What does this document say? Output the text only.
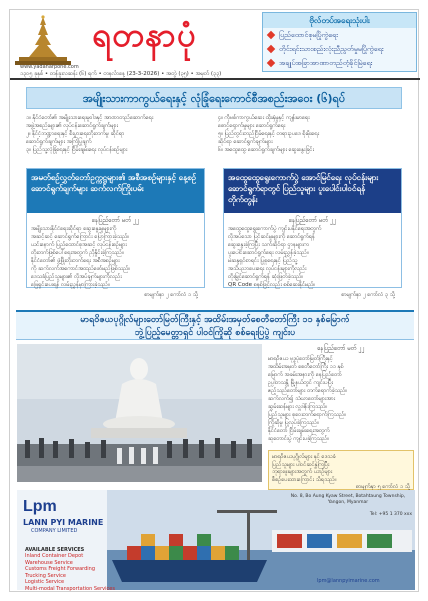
ရတနာပုံ
www.yadanarpone.com
ဗိုလ်တပ်အရေးသုံးပါး
ပြည်ထောင်စုမပြိုကွဲရေး
တိုင်းရင်းသားစည်းလုံးညီညွတ်မှုမပြိုကွဲရေး
အချုပ်အခြာအာဏာတည်တံ့ခိုင်မြဲရေး
၁၃၀၅ ခုနှစ် • တန်ခူးလဆန်း (၆) ရက် • တနင်္လာနေ့ (23-3-2026) • အတွဲ (၃၅) • အမှတ် (၃၃)
အမျိုးသားကာကွယ်ရေးနှင့် လုံခြုံရေးကောင်စီအစည်းအဝေး (၆)ရပ်

၁။ နိုင်ငံတော်၏ အမျိုးသားရေးမူဝါဒနှင့် အာဏာတည်ဆောက်ရေး

အဖွဲ့အစည်းများ၏ လုပ်ငန်းဆောင်ရွက်ချက်များ

၂။ နိုင်ငံ့ဘဏ္ဍာရေးနှင့် စီးပွားရေးတိုးတက်မှု ဆိုင်ရာ

ဆောင်ရွက်ချက်များ အကြံပြုချက်

၃။ ပြည်သူ့လုံခြုံရေးနှင့် ငြိမ်းချမ်းရေး လုပ်ငန်းစဉ်များ

၄။ ကိုဗစ်ကာကွယ်ဆေး ထိုးနှံမှုနှင့် ကျန်းမာရေး

စောင့်ရှောက်မှုများ ဆောင်ရွက်ရေး

၅။ ပြည်တွင်းတည်ငြိမ်ရေးနှင့် တရားဥပဒေ စိုးမိုးရေး

ဆိုင်ရာ ဆောင်ရွက်ချက်များ

၆။ အထွေထွေ ဆောင်ရွက်ချက်များ ဆွေးနွေးခြင်း

အမတ်စဉ်လွှတ်တော်ဥက္ကဋ္ဌများ၏ အစီအစဉ်များနှင့် နေ့စဉ်ဆောင်ရွက်ချက်များ ဆက်လက်ကြိုးပမ်း
နေပြည်တော် မတ် ၂၂
အမျိုးသားနိုင်ငံရေးဆိုင်ရာ ဆွေးနွေးမှုများကို
အဆင့်ဆင့် ဆောင်ရွက်ကြောင်း ပြောကြားခဲ့သည်။
ယင်းနောက် ပြည်ထောင်စုအဆင့် လုပ်ငန်းစဉ်များ
တိုးတက်ဖြစ်ပေါ်ရေးအတွက် ညှိနှိုင်းခဲ့ကြသည်။
နိုင်ငံတော်၏ ဖွံ့ဖြိုးတိုးတက်ရေး အစီအစဉ်များ
ကို ဆက်လက်အကောင်အထည်ဖော်မည်ဖြစ်သည်။
ဒေသခံပြည်သူများ၏ လိုအပ်ချက်များကိုလည်း
ဖြေရှင်းပေးရန် လမ်းညွှန်မှာကြားခဲ့သည်။
စာမျက်နှာ ၂ ကော်လံ ၁ သို့
အထွေထွေရွေးကောက်ပွဲ အောင်မြင်ရေး လုပ်ငန်းများ ဆောင်ရွက်ရာတွင် ပြည်သူများ ပူးပေါင်းပါဝင်ရန် တိုက်တွန်း
နေပြည်တော် မတ် ၂၂
အထွေထွေရွေးကောက်ပွဲ ကျင်းပနိုင်ရေးအတွက်
လိုအပ်သော ပြင်ဆင်မှုများကို ဆောင်ရွက်ရန်
ဆွေးနွေးခဲ့ကြပြီး သက်ဆိုင်ရာ ဌာနများက
ပူးပေါင်းဆောင်ရွက်ရေး လမ်းညွှန်ခဲ့သည်။
မဲဆန္ဒရှင်စာရင်း ပြုစုရေးနှင့် ပြည်သူ့
အသိပညာပေးရေး လုပ်ငန်းများကိုလည်း
တိုးမြှင့်ဆောင်ရွက်ရန် ဆုံးဖြတ်ခဲ့သည်။
QR Code စနစ်ဖြင့်လည်း စစ်ဆေးနိုင်မည်။
စာမျက်နှာ ၂ ကော်လံ ၃ သို့
မာရဝိဇယပုဂ္ဂိုလ်များတော်မြတ်ကြီးနှင့် အထိမ်းအမှတ်စေတီတော်ကြီး ၁၁ နှစ်မြောက်
ဘွဲ့ပြည့်မေတ္တာရှင် ပါဝင်ကြိုဆို စစ်ရေးပြပွဲ ကျင်းပ
နေပြည်တော် မတ် ၂၂
မာရဝိဇယ ဗုဒ္ဓပုံတော်မြတ်ကြီးနှင့်
အထိမ်းအမှတ် စေတီတော်ကြီး ၁၁ နှစ်
မြောက် အခမ်းအနားကို နေပြည်တော်
ဥပ္ပါတသန္တိ မြို့နယ်တွင် ကျင်းပပြီး
ဧည့်သည်တော်များ တက်ရောက်ခဲ့သည်။
ဆက်လက်၍ သံဃာတော်များအား
ဆွမ်းဆန်များ လှူဒါန်းကြသည်။
ပြည်သူများ စုဝေးတက်ရောက်ကြသည်။
ကြိုဆိုမှု ပြုလုပ်ခဲ့ကြသည်။
နိုင်ငံတော် ငြိမ်းချမ်းရေးအတွက်
ဆုတောင်းပွဲ ကျင်းပခဲ့ကြသည်။
မာရဝိဇယပုဂ္ဂိုလ်များ နှင့် ဒေသခံ
ပြည်သူများ ပါဝင်ဆင်နွှဲကြပြီး
ဘုရားဖူးများအတွက် ယာဉ်များ
စီစဉ်ပေးထားကြောင်း သိရသည်။
စာမျက်နှာ ၅ ကော်လံ ၁ သို့
Lpm
LANN PYI MARINE
COMPANY LIMITED
AVAILABLE SERVICES
Inland Container Depot
Warehouse Service
Customs Freight Forwarding
Trucking Service
Logistic Service
Multi-modal Transportation Services
No. 8, Bo Aung Kyaw Street, Botahtaung Township, Yangon, Myanmar
Tel: +95 1 370 xxx
lpm@lannpyimarine.com
